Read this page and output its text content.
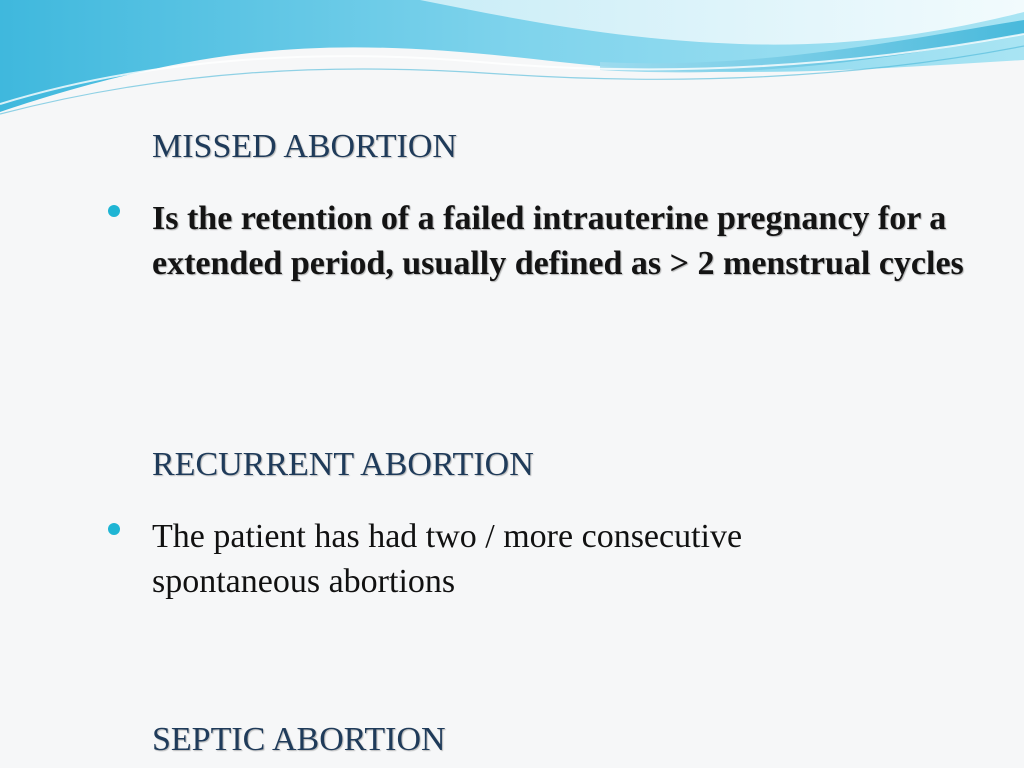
MISSED ABORTION
Is the retention of a failed intrauterine pregnancy for a extended period, usually defined as > 2 menstrual cycles
RECURRENT ABORTION
The patient has had two / more consecutive spontaneous abortions
SEPTIC ABORTION
